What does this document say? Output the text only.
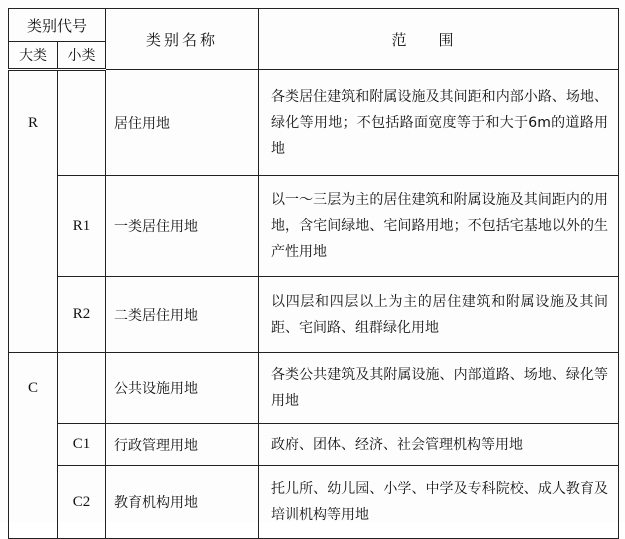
类别代号		类别名称	范围
大类	小类		
R		居住用地	各类居住建筑和附属设施及其间距和内部小路、场地、绿化等用地；不包括路面宽度等于和大于6m的道路用地
	R1	一类居住用地	以一～三层为主的居住建筑和附属设施及其间距内的用地，含宅间绿地、宅间路用地；不包括宅基地以外的生产性用地
	R2	二类居住用地	以四层和四层以上为主的居住建筑和附属设施及其间距、宅间路、组群绿化用地
C		公共设施用地	各类公共建筑及其附属设施、内部道路、场地、绿化等用地
	C1	行政管理用地	政府、团体、经济、社会管理机构等用地
	C2	教育机构用地	托儿所、幼儿园、小学、中学及专科院校、成人教育及培训机构等用地
